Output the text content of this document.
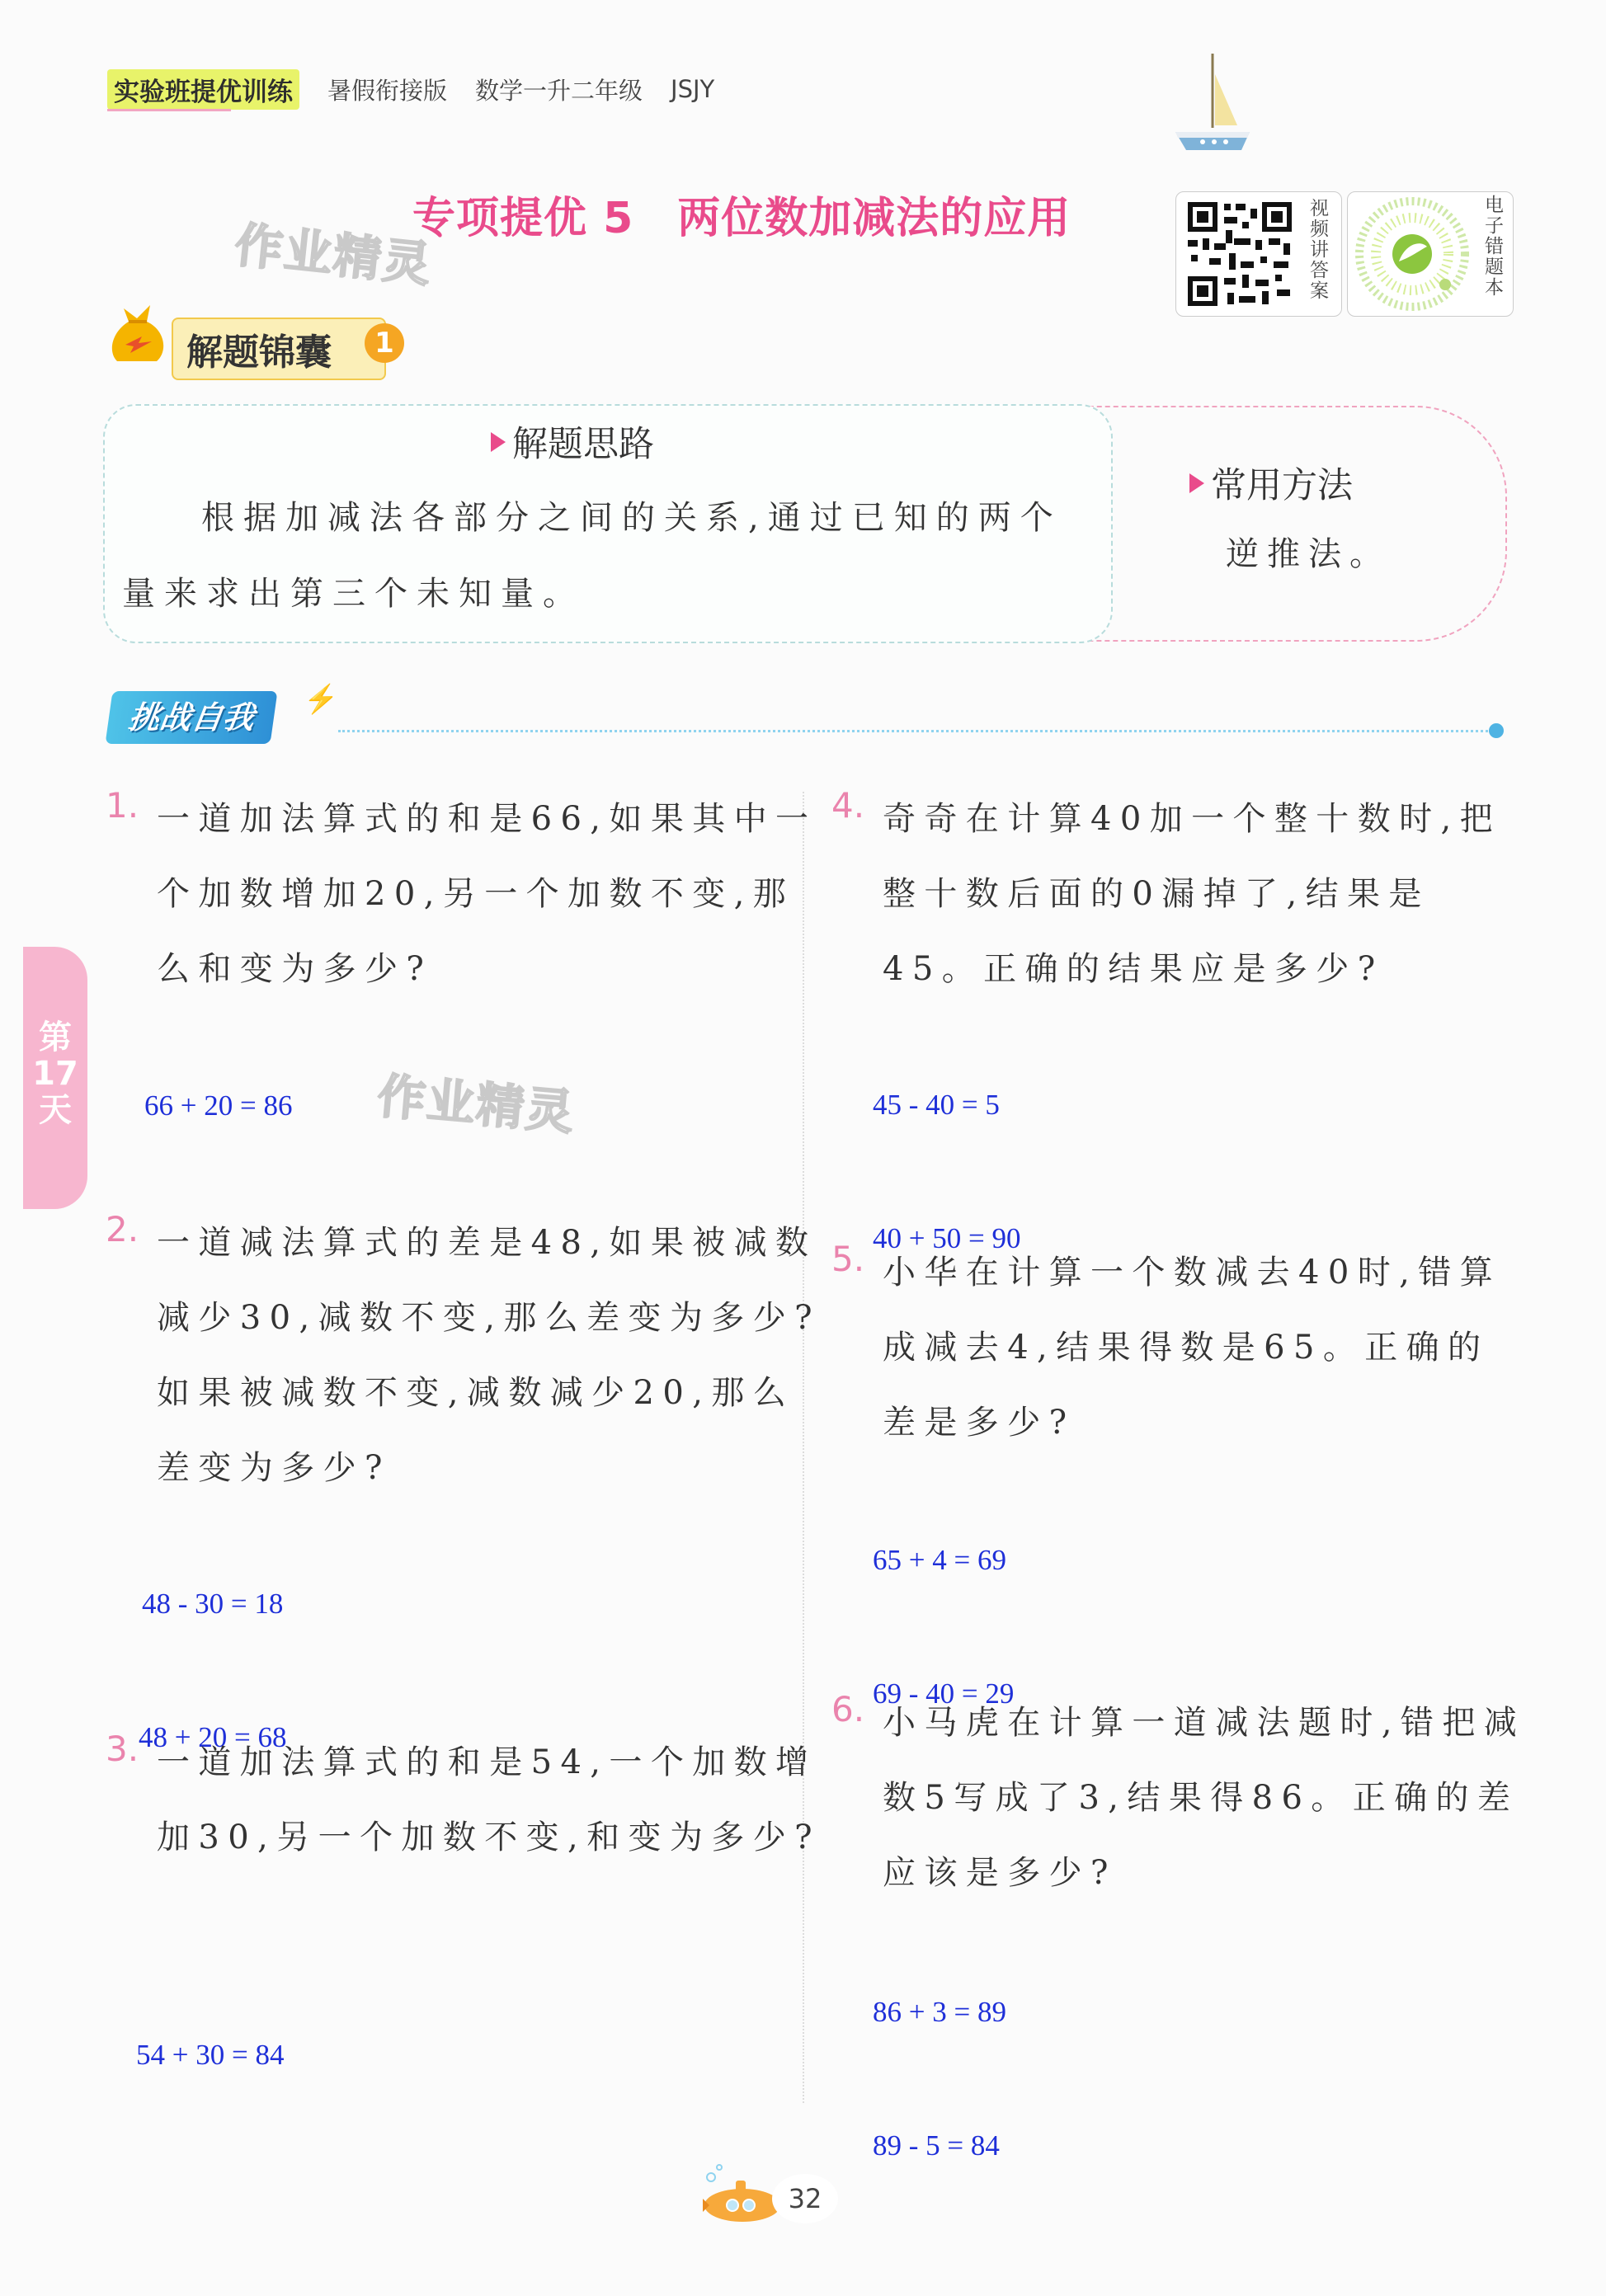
实验班提优训练 暑假衔接版 数学一升二年级 JSJY
专项提优 5　两位数加减法的应用
作业精灵	视频讲答案	电子错题本
解题锦囊	1
解题思路
根据加减法各部分之间的关系,通过已知的两个量来求出第三个未知量。
常用方法
逆推法。
挑战自我	⚡
1. 一道加法算式的和是66,如果其中一个加数增加20,另一个加数不变,那么和变为多少?

66 + 20 = 86 作业精灵
2. 一道减法算式的差是48,如果被减数减少30,减数不变,那么差变为多少?如果被减数不变,减数减少20,那么差变为多少?

48 - 30 = 18

48 + 20 = 68

3. 一道加法算式的和是54,一个加数增加30,另一个加数不变,和变为多少?

54 + 30 = 84

4. 奇奇在计算40加一个整十数时,把整十数后面的0漏掉了,结果是45。正确的结果应是多少?

45 - 40 = 5

40 + 50 = 90

5. 小华在计算一个数减去40时,错算成减去4,结果得数是65。正确的差是多少?

65 + 4 = 69

69 - 40 = 29

6. 小马虎在计算一道减法题时,错把减数5写成了3,结果得86。正确的差应该是多少?

86 + 3 = 89

89 - 5 = 84

第
17
天
32
